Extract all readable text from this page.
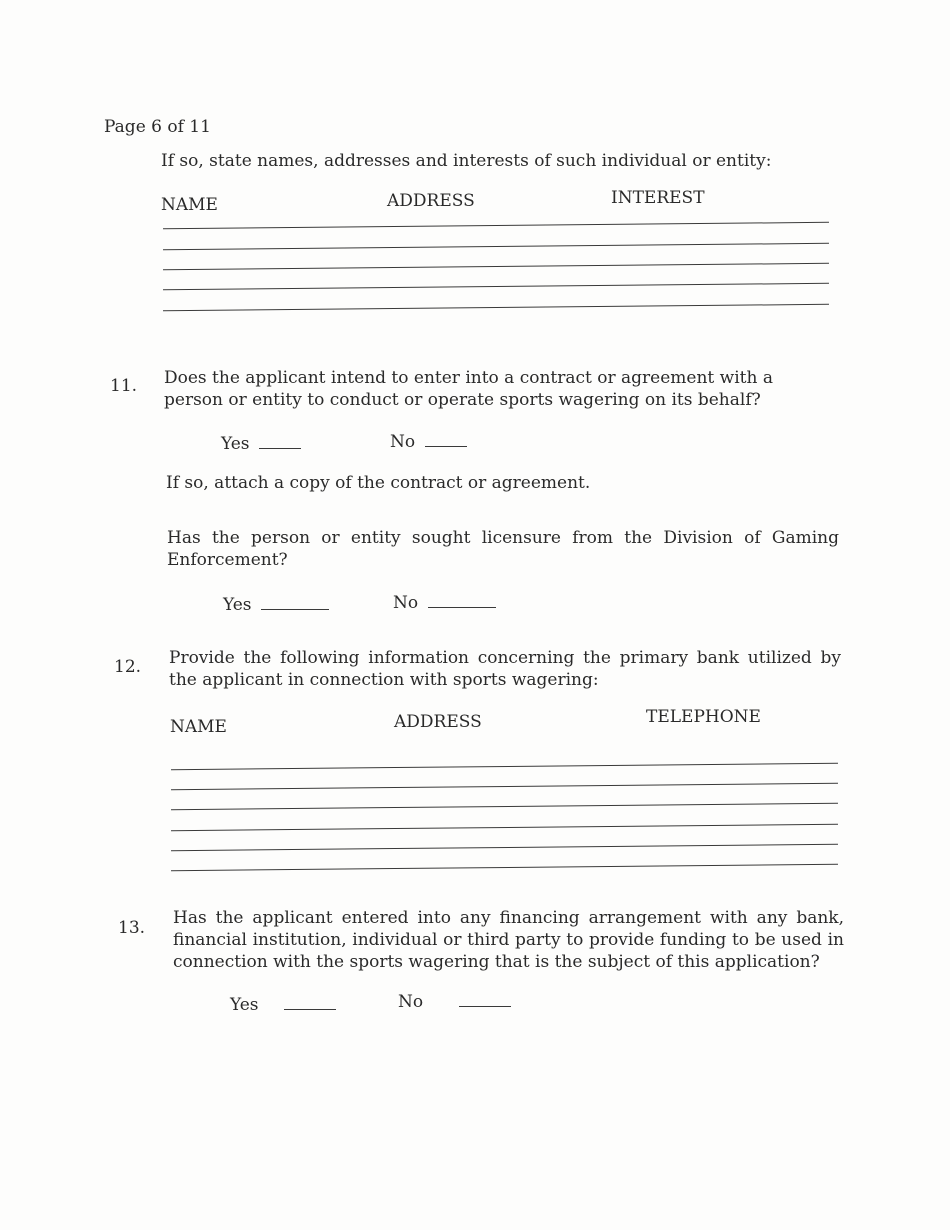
Page 6 of 11
If so, state names, addresses and interests of such individual or entity:
NAME	ADDRESS	INTEREST
11. Does the applicant intend to enter into a contract or agreement with a person or entity to conduct or operate sports wagering on its behalf?
Yes	No
If so, attach a copy of the contract or agreement.
Has the person or entity sought licensure from the Division of Gaming Enforcement?
Yes	No
12. Provide the following information concerning the primary bank utilized by the applicant in connection with sports wagering:
NAME	ADDRESS	TELEPHONE
13. Has the applicant entered into any financing arrangement with any bank, financial institution, individual or third party to provide funding to be used in connection with the sports wagering that is the subject of this application?
Yes	No
